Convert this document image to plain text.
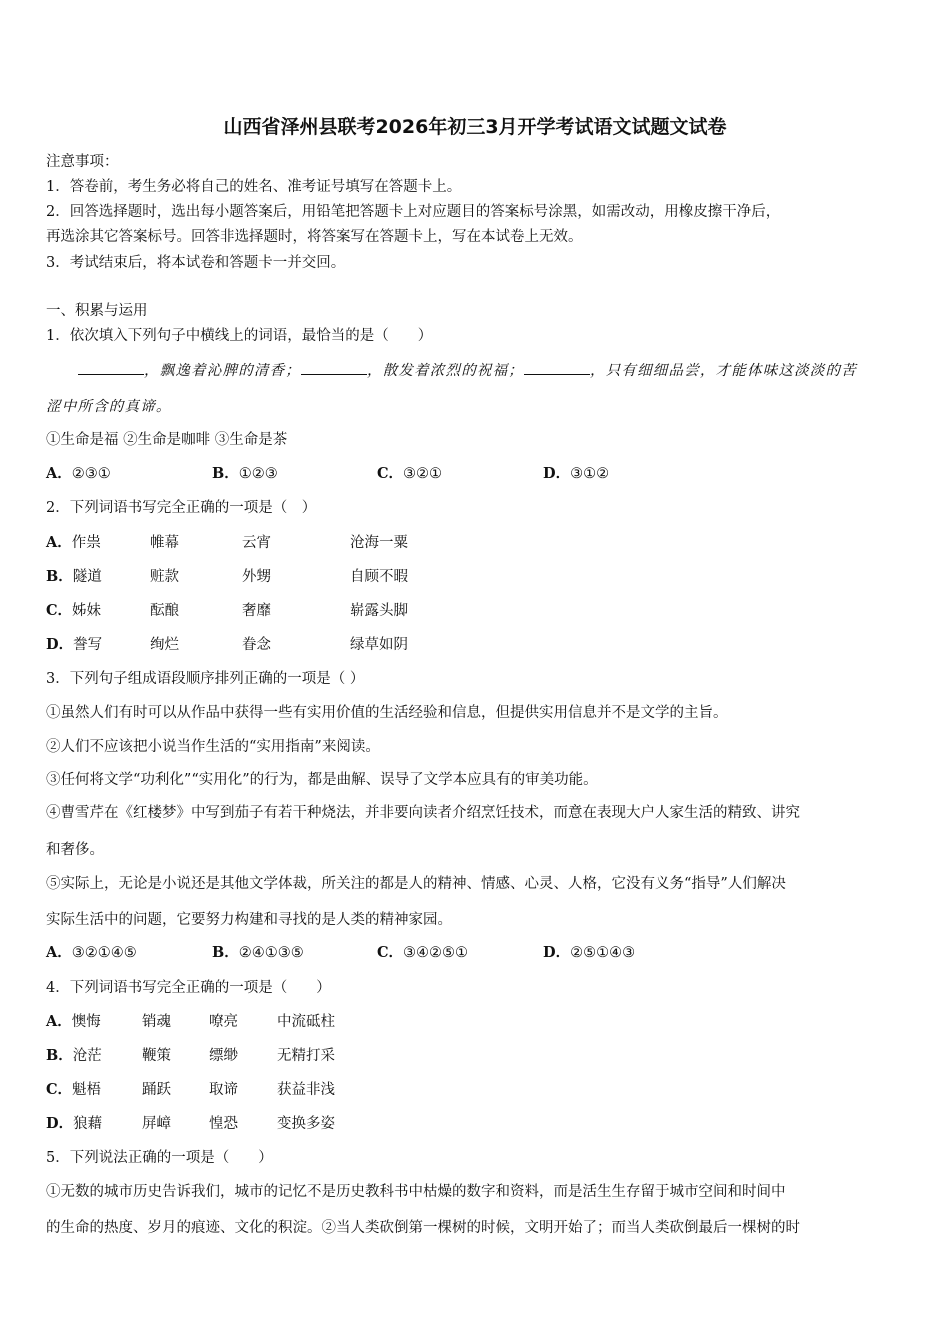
山西省泽州县联考2026年初三3月开学考试语文试题文试卷
注意事项：
1．答卷前，考生务必将自己的姓名、准考证号填写在答题卡上。
2．回答选择题时，选出每小题答案后，用铅笔把答题卡上对应题目的答案标号涂黑，如需改动，用橡皮擦干净后，
再选涂其它答案标号。回答非选择题时，将答案写在答题卡上，写在本试卷上无效。
3．考试结束后，将本试卷和答题卡一并交回。
一、积累与运用
1．依次填入下列句子中横线上的词语，最恰当的是（　　）
，飘逸着沁脾的清香；	，散发着浓烈的祝福；	，只有细细品尝，才能体味这淡淡的苦
涩中所含的真谛。
①生命是福 ②生命是咖啡 ③生命是茶
A．②③①	B．①②③	C．③②①	D．③①②
2．下列词语书写完全正确的一项是（　）
A． 作祟	帷幕	云宵	沧海一粟
B． 隧道	赃款	外甥	自顾不暇
C． 姊妹	酝酿	奢靡	崭露头脚
D． 誊写	绚烂	眷念	绿草如阴
3．下列句子组成语段顺序排列正确的一项是（ ）
①虽然人们有时可以从作品中获得一些有实用价值的生活经验和信息，但提供实用信息并不是文学的主旨。
②人们不应该把小说当作生活的“实用指南”来阅读。
③任何将文学“功利化”“实用化”的行为，都是曲解、误导了文学本应具有的审美功能。
④曹雪芹在《红楼梦》中写到茄子有若干种烧法，并非要向读者介绍烹饪技术，而意在表现大户人家生活的精致、讲究
和奢侈。
⑤实际上，无论是小说还是其他文学体裁，所关注的都是人的精神、情感、心灵、人格，它没有义务“指导”人们解决
实际生活中的问题，它要努力构建和寻找的是人类的精神家园。
A．③②①④⑤	B．②④①③⑤	C．③④②⑤①	D．②⑤①④③
4．下列词语书写完全正确的一项是（　　）
A． 懊悔	销魂	嘹亮	中流砥柱
B． 沧茫	鞭策	缥缈	无精打采
C． 魁梧	踊跃	取谛	获益非浅
D． 狼藉	屏嶂	惶恐	变换多姿
5．下列说法正确的一项是（　　）
①无数的城市历史告诉我们，城市的记忆不是历史教科书中枯燥的数字和资料，而是活生生存留于城市空间和时间中
的生命的热度、岁月的痕迹、文化的积淀。②当人类砍倒第一棵树的时候，文明开始了；而当人类砍倒最后一棵树的时
